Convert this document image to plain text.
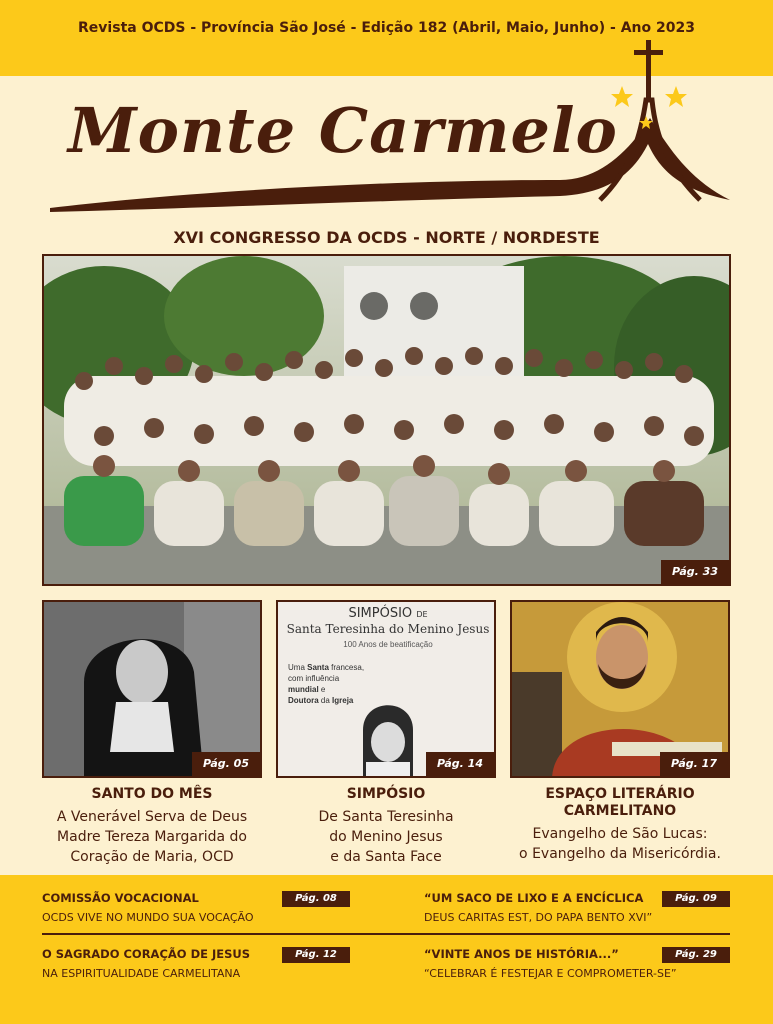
Revista OCDS - Província São José - Edição 182 (Abril, Maio, Junho) - Ano 2023
Monte Carmelo
XVI CONGRESSO DA OCDS - NORTE / NORDESTE
Pág. 33
Pág. 05
SIMPÓSIO DE
Santa Teresinha do Menino Jesus
100 Anos de beatificação
Uma Santa francesa,
com influência
mundial e
Doutora da Igreja
Pág. 14	Pág. 17
SANTO DO MÊS
A Venerável Serva de Deus
Madre Tereza Margarida do
Coração de Maria, OCD
SIMPÓSIO
De Santa Teresinha
do Menino Jesus
e da Santa Face
ESPAÇO LITERÁRIO
CARMELITANO
Evangelho de São Lucas:
o Evangelho da Misericórdia.
COMISSÃO VOCACIONAL	Pág. 08
OCDS VIVE NO MUNDO SUA VOCAÇÃO
“UM SACO DE LIXO E A ENCÍCLICA	Pág. 09
DEUS CARITAS EST, DO PAPA BENTO XVI”
O SAGRADO CORAÇÃO DE JESUS	Pág. 12
NA ESPIRITUALIDADE CARMELITANA
“VINTE ANOS DE HISTÓRIA...”	Pág. 29
“CELEBRAR É FESTEJAR E COMPROMETER-SE”
